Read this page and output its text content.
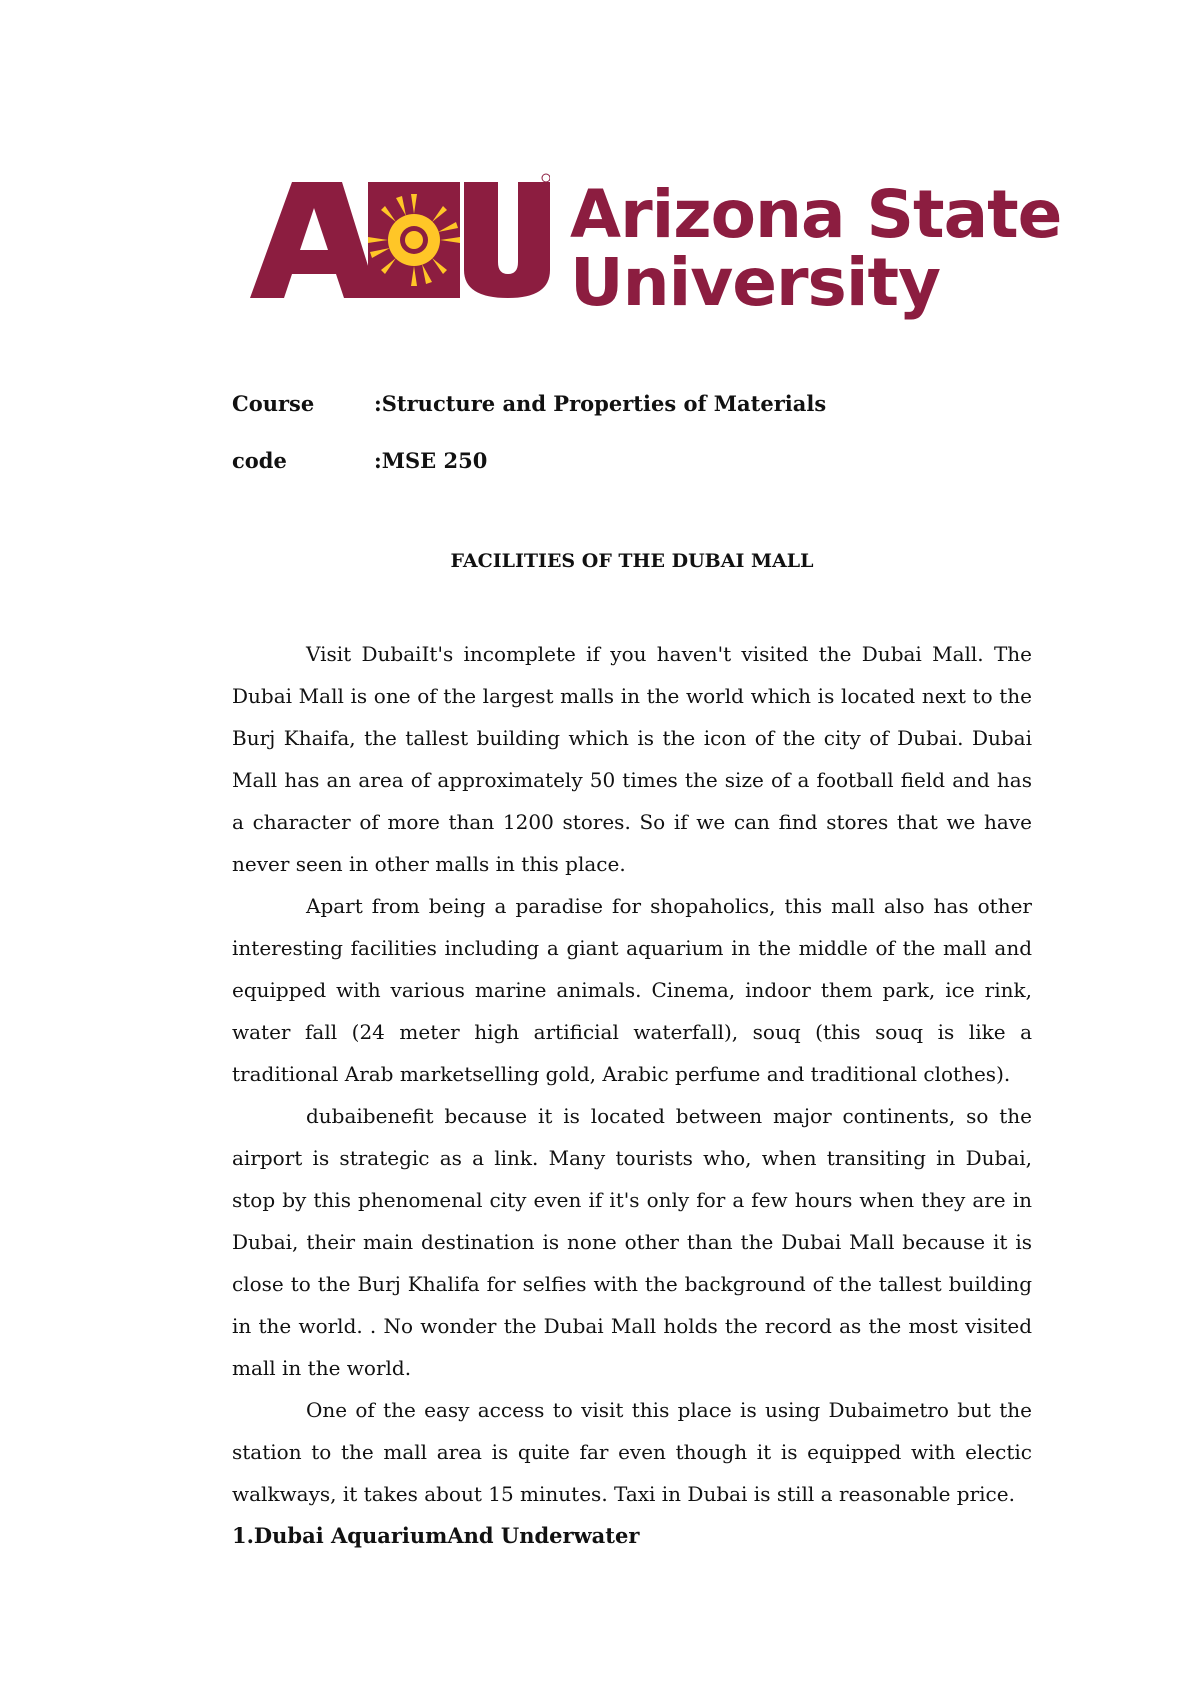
Arizona State
University
Course	:Structure and Properties of Materials
code	:MSE 250
FACILITIES OF THE DUBAI MALL

Visit DubaiIt's incomplete if you haven't visited the Dubai Mall. The Dubai Mall is one of the largest malls in the world which is located next to the Burj Khaifa, the tallest building which is the icon of the city of Dubai. Dubai Mall has an area of approximately 50 times the size of a football field and has a character of more than 1200 stores. So if we can find stores that we have never seen in other malls in this place.

Apart from being a paradise for shopaholics, this mall also has other interesting facilities including a giant aquarium in the middle of the mall and equipped with various marine animals. Cinema, indoor them park, ice rink, water fall (24 meter high artificial waterfall), souq (this souq is like a traditional Arab marketselling gold, Arabic perfume and traditional clothes).

dubaibenefit because it is located between major continents, so the airport is strategic as a link. Many tourists who, when transiting in Dubai, stop by this phenomenal city even if it's only for a few hours when they are in Dubai, their main destination is none other than the Dubai Mall because it is close to the Burj Khalifa for selfies with the background of the tallest building in the world. . No wonder the Dubai Mall holds the record as the most visited mall in the world.

One of the easy access to visit this place is using Dubaimetro but the station to the mall area is quite far even though it is equipped with electic walkways, it takes about 15 minutes. Taxi in Dubai is still a reasonable price.

1.Dubai AquariumAnd Underwater
